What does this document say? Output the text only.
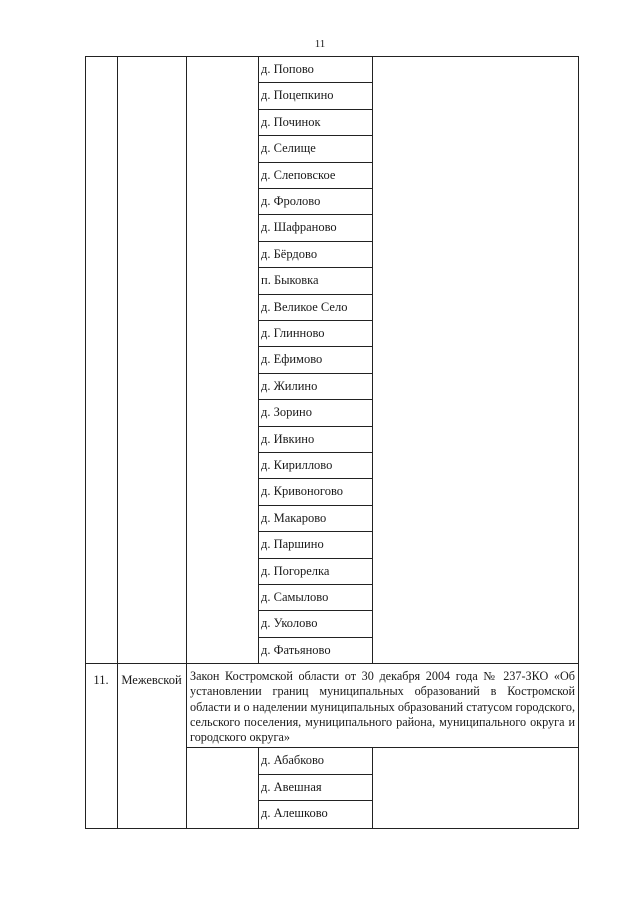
11
д. Попово
д. Поцепкино
д. Починок
д. Селище
д. Слеповское
д. Фролово
д. Шафраново
д. Бёрдово
п. Быковка
д. Великое Село
д. Глинново
д. Ефимово
д. Жилино
д. Зорино
д. Ивкино
д. Кириллово
д. Кривоногово
д. Макарово
д. Паршино
д. Погорелка
д. Самылово
д. Уколово
д. Фатьяново
11.	Межевской Закон Костромской области от 30 декабря 2004 года № 237-ЗКО «Об установлении границ муниципальных образований в Костромской области и о наделении муниципальных образований статусом городского, сельского поселения, муниципального района, муниципального округа и городского округа»
д. Абабково
д. Авешная
д. Алешково
